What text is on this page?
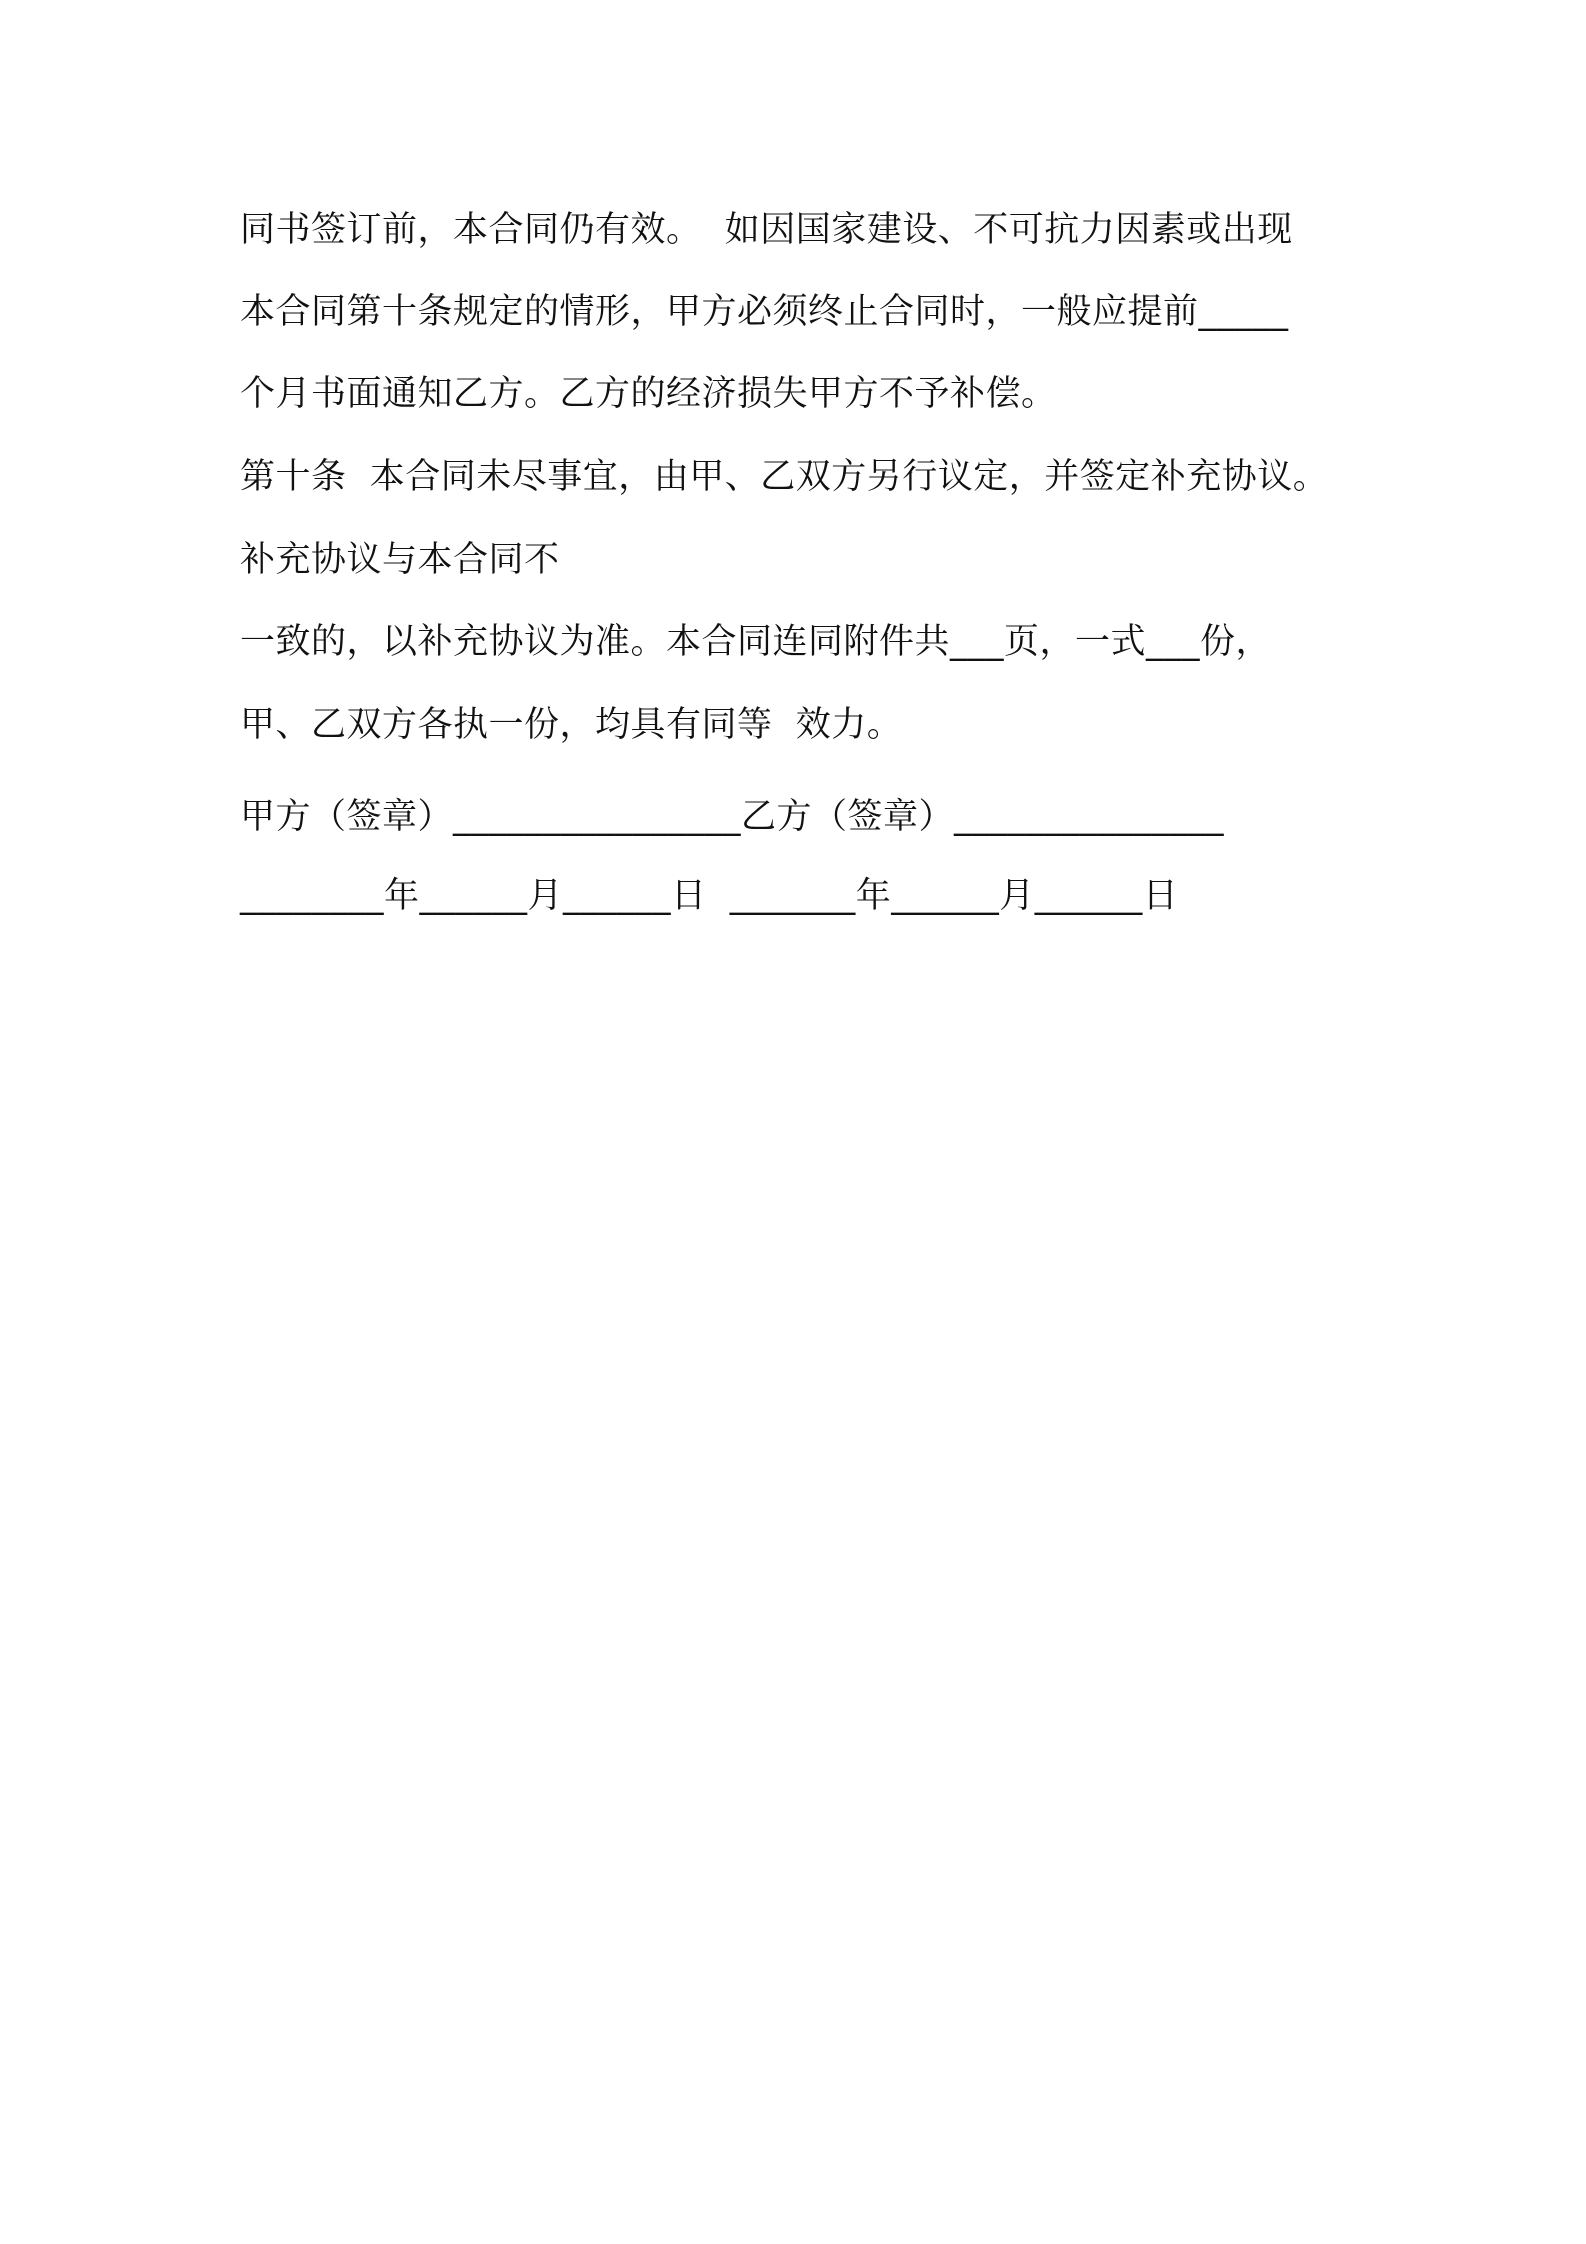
同书签订前，本合同仍有效。  如因国家建设、不可抗力因素或出现
本合同第十条规定的情形，甲方必须终止合同时，一般应提前_____
个月书面通知乙方。乙方的经济损失甲方不予补偿。
第十条  本合同未尽事宜，由甲、乙双方另行议定，并签定补充协议。
补充协议与本合同不
一致的，以补充协议为准。本合同连同附件共___页，一式___份，
甲、乙双方各执一份，均具有同等  效力。
甲方（签章）________________乙方（签章）_______________
________年______月______日  _______年______月______日
